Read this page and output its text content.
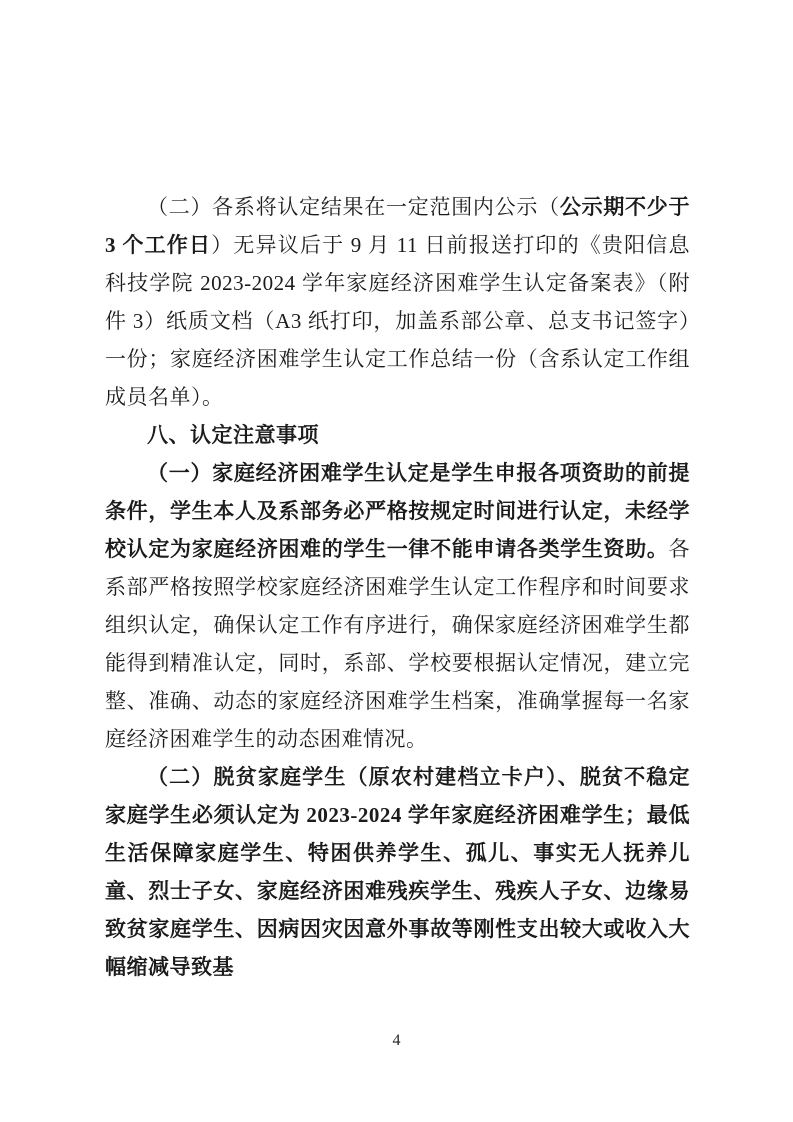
（二）各系将认定结果在一定范围内公示（公示期不少于 3 个工作日）无异议后于 9 月 11 日前报送打印的《贵阳信息科技学院 2023-2024 学年家庭经济困难学生认定备案表》（附件 3）纸质文档（A3 纸打印，加盖系部公章、总支书记签字）一份；家庭经济困难学生认定工作总结一份（含系认定工作组成员名单）。

八、认定注意事项

（一）家庭经济困难学生认定是学生申报各项资助的前提条件，学生本人及系部务必严格按规定时间进行认定，未经学校认定为家庭经济困难的学生一律不能申请各类学生资助。各系部严格按照学校家庭经济困难学生认定工作程序和时间要求组织认定，确保认定工作有序进行，确保家庭经济困难学生都能得到精准认定，同时，系部、学校要根据认定情况，建立完整、准确、动态的家庭经济困难学生档案，准确掌握每一名家庭经济困难学生的动态困难情况。

（二）脱贫家庭学生（原农村建档立卡户）、脱贫不稳定家庭学生必须认定为 2023-2024 学年家庭经济困难学生；最低生活保障家庭学生、特困供养学生、孤儿、事实无人抚养儿童、烈士子女、家庭经济困难残疾学生、残疾人子女、边缘易致贫家庭学生、因病因灾因意外事故等刚性支出较大或收入大幅缩减导致基

4
